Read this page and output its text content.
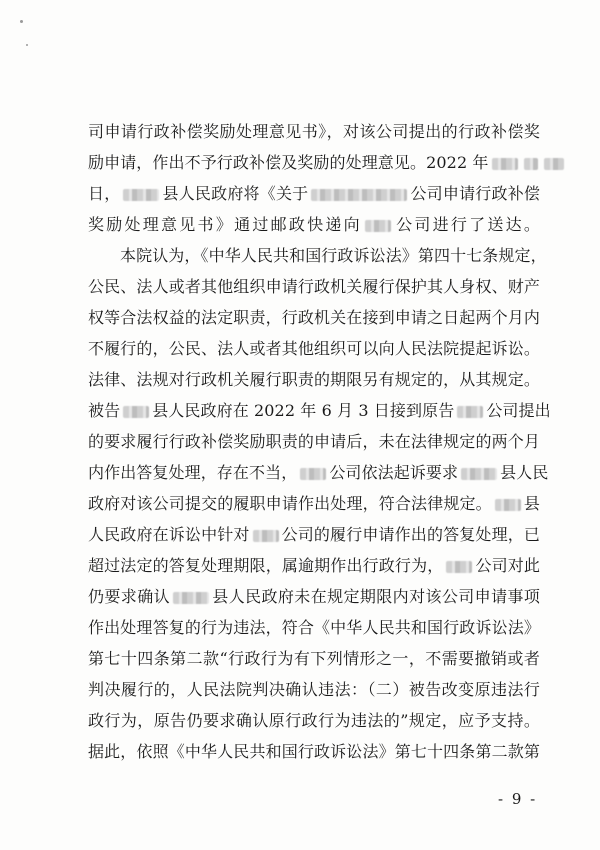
司申请行政补偿奖励处理意见书》，对该公司提出的行政补偿奖
励申请，作出不予行政补偿及奖励的处理意见。2022 年
日，	县人民政府将《关于	公司申请行政补偿
奖励处理意见书》通过邮政快递向 公司进行了送达。
本院认为，《中华人民共和国行政诉讼法》第四十七条规定，
公民、法人或者其他组织申请行政机关履行保护其人身权、财产
权等合法权益的法定职责，行政机关在接到申请之日起两个月内
不履行的，公民、法人或者其他组织可以向人民法院提起诉讼。
法律、法规对行政机关履行职责的期限另有规定的，从其规定。
被告 县人民政府在 2022 年 6 月 3 日接到原告 公司提出
的要求履行行政补偿奖励职责的申请后，未在法律规定的两个月
内作出答复处理，存在不当， 公司依法起诉要求	县人民
政府对该公司提交的履职申请作出处理，符合法律规定。 县
人民政府在诉讼中针对 公司的履行申请作出的答复处理，已
超过法定的答复处理期限，属逾期作出行政行为， 公司对此
仍要求确认	县人民政府未在规定期限内对该公司申请事项
作出处理答复的行为违法，符合《中华人民共和国行政诉讼法》
第七十四条第二款“行政行为有下列情形之一，不需要撤销或者
判决履行的，人民法院判决确认违法：（二）被告改变原违法行
政行为，原告仍要求确认原行政行为违法的”规定，应予支持。
据此，依照《中华人民共和国行政诉讼法》第七十四条第二款第
- 9 -
